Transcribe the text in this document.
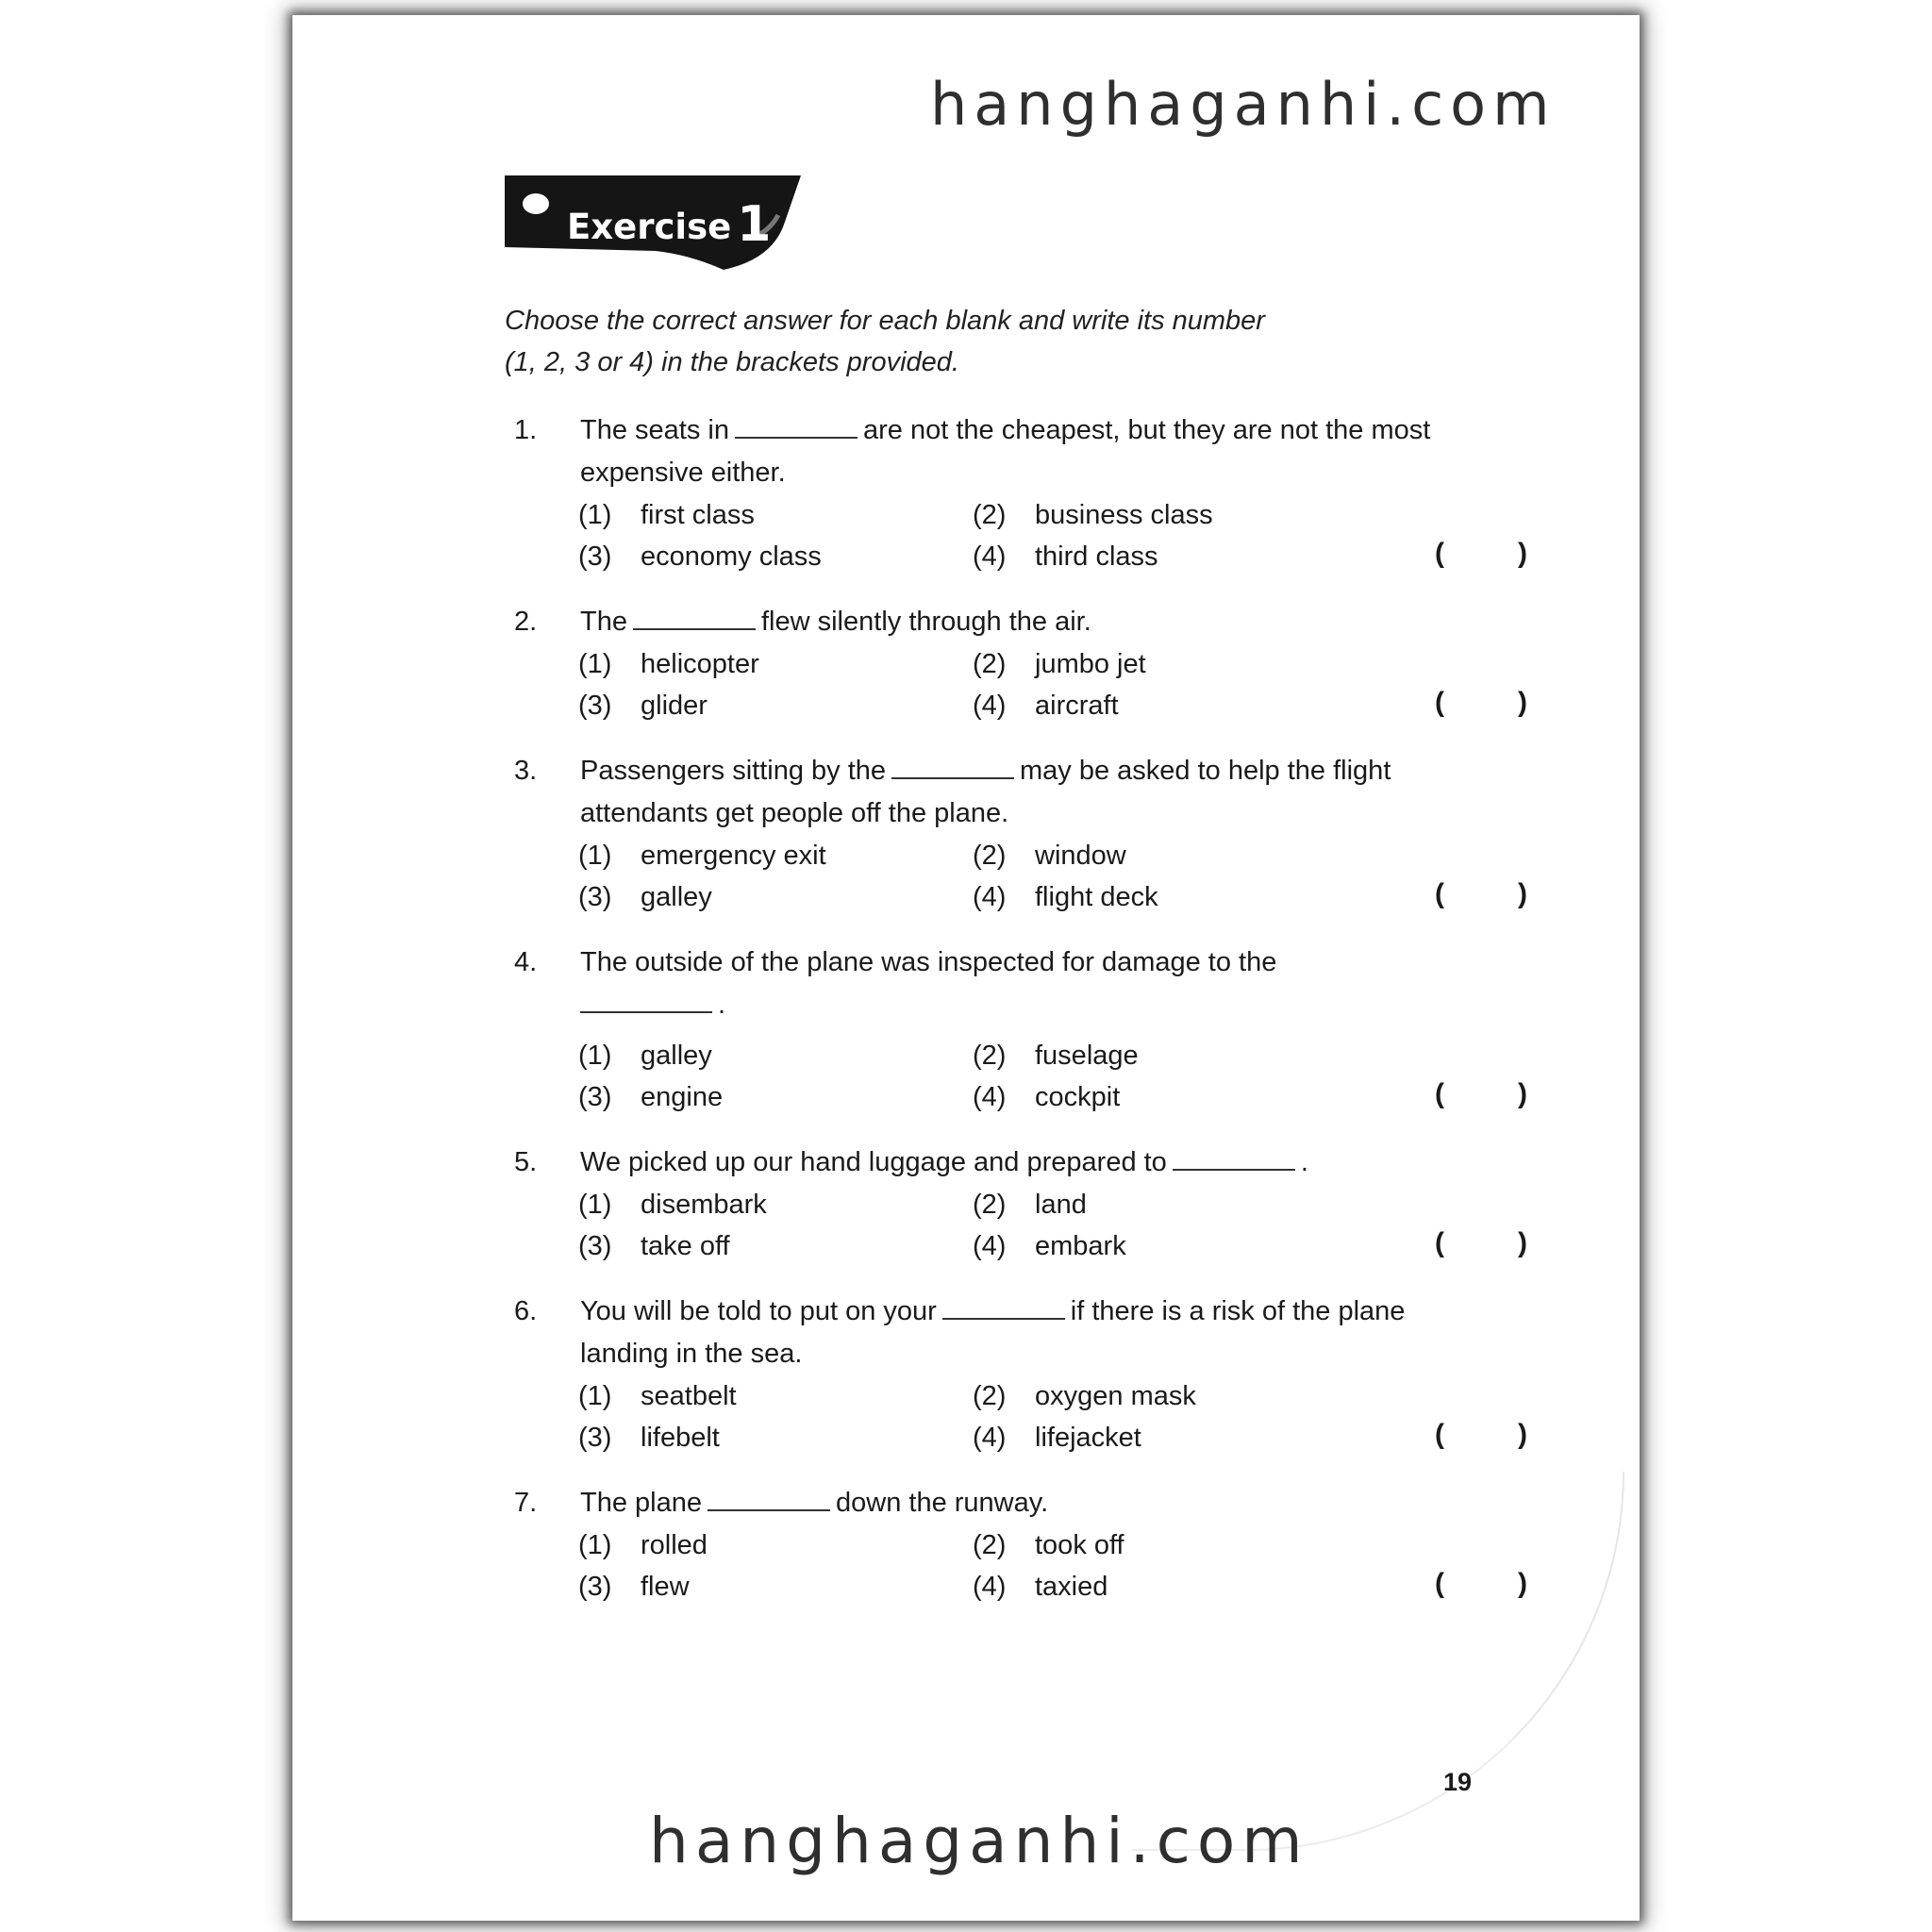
hanghaganhi.com
Exercise 1
Choose the correct answer for each blank and write its number
(1, 2, 3 or 4) in the brackets provided.
1.	The seats in	are not the cheapest, but they are not the most expensive either.
(1)	first class	(2)	business class
(3)	economy class	(4)	third class	(	)
2.	The	flew silently through the air.
(1)	helicopter	(2)	jumbo jet
(3)	glider	(4)	aircraft	(	)
3.	Passengers sitting by the	may be asked to help the flight attendants get people off the plane.
(1)	emergency exit	(2)	window
(3)	galley	(4)	flight deck	(	)
4.	The outside of the plane was inspected for damage to the
.
(1)	galley	(2)	fuselage
(3)	engine	(4)	cockpit	(	)
5.	We picked up our hand luggage and prepared to	.
(1)	disembark	(2)	land
(3)	take off	(4)	embark	(	)
6.	You will be told to put on your	if there is a risk of the plane landing in the sea.
(1)	seatbelt	(2)	oxygen mask
(3)	lifebelt	(4)	lifejacket	(	)
7.	The plane	down the runway.
(1)	rolled	(2)	took off
(3)	flew	(4)	taxied	(	)
19
hanghaganhi.com
